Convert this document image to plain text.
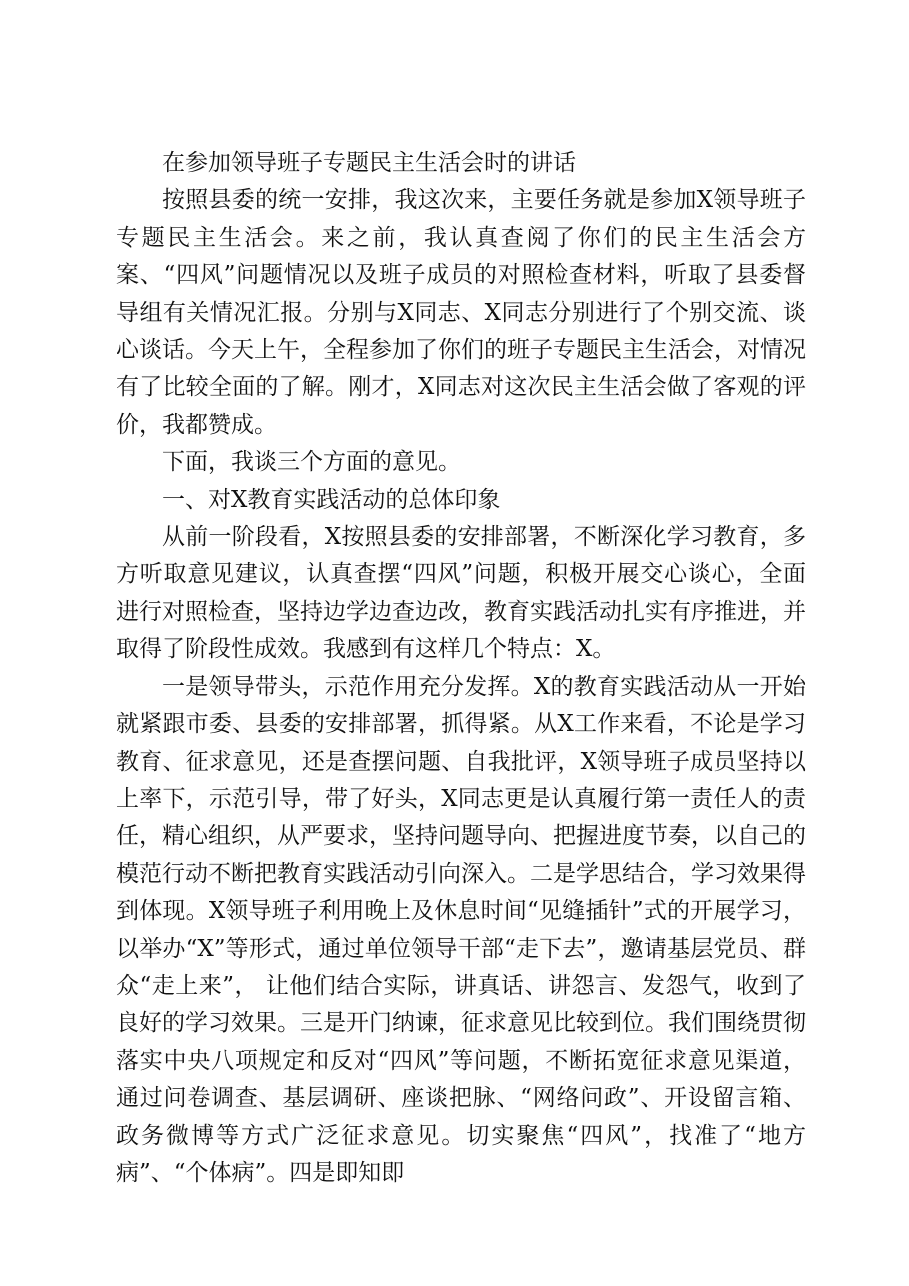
在参加领导班子专题民主生活会时的讲话

按照县委的统一安排，我这次来，主要任务就是参加X领导班子专题民主生活会。来之前，我认真查阅了你们的民主生活会方案、“四风”问题情况以及班子成员的对照检查材料，听取了县委督导组有关情况汇报。分别与X同志、X同志分别进行了个别交流、谈心谈话。今天上午，全程参加了你们的班子专题民主生活会，对情况有了比较全面的了解。刚才，X同志对这次民主生活会做了客观的评价，我都赞成。

下面，我谈三个方面的意见。

一、对X教育实践活动的总体印象

从前一阶段看，X按照县委的安排部署，不断深化学习教育，多方听取意见建议，认真查摆“四风”问题，积极开展交心谈心，全面进行对照检查，坚持边学边查边改，教育实践活动扎实有序推进，并取得了阶段性成效。我感到有这样几个特点：X。

一是领导带头，示范作用充分发挥。X的教育实践活动从一开始就紧跟市委、县委的安排部署，抓得紧。从X工作来看，不论是学习教育、征求意见，还是查摆问题、自我批评，X领导班子成员坚持以上率下，示范引导，带了好头，X同志更是认真履行第一责任人的责任，精心组织，从严要求，坚持问题导向、把握进度节奏，以自己的模范行动不断把教育实践活动引向深入。二是学思结合，学习效果得到体现。X领导班子利用晚上及休息时间“见缝插针”式的开展学习，以举办“X”等形式，通过单位领导干部“走下去”，邀请基层党员、群众“走上来”， 让他们结合实际，讲真话、讲怨言、发怨气，收到了良好的学习效果。三是开门纳谏，征求意见比较到位。我们围绕贯彻落实中央八项规定和反对“四风”等问题，不断拓宽征求意见渠道，通过问卷调查、基层调研、座谈把脉、“网络问政”、开设留言箱、政务微博等方式广泛征求意见。切实聚焦“四风”，找准了“地方病”、“个体病”。四是即知即
